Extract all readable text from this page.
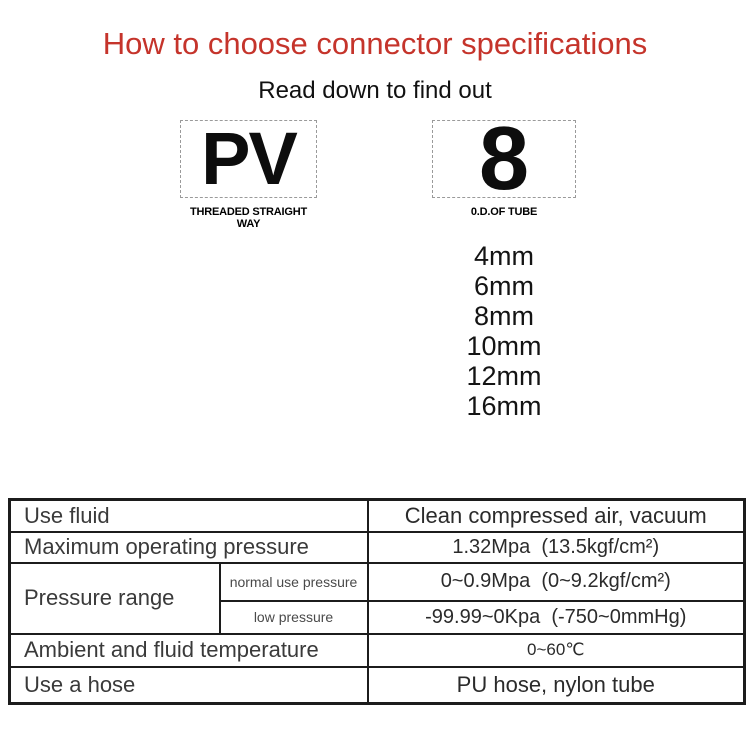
How to choose connector specifications
Read down to find out
PV 8
THREADED STRAIGHT WAY
0.D.OF TUBE
4mm
6mm
8mm
10mm
12mm
16mm
Use fluid		Clean compressed air, vacuum
Maximum operating pressure		1.32Mpa  (13.5kgf/cm²)
Pressure range	normal use pressure	0~0.9Mpa  (0~9.2kgf/cm²)
	low pressure	-99.99~0Kpa  (-750~0mmHg)
Ambient and fluid temperature		0~60℃
Use a hose		PU hose, nylon tube
